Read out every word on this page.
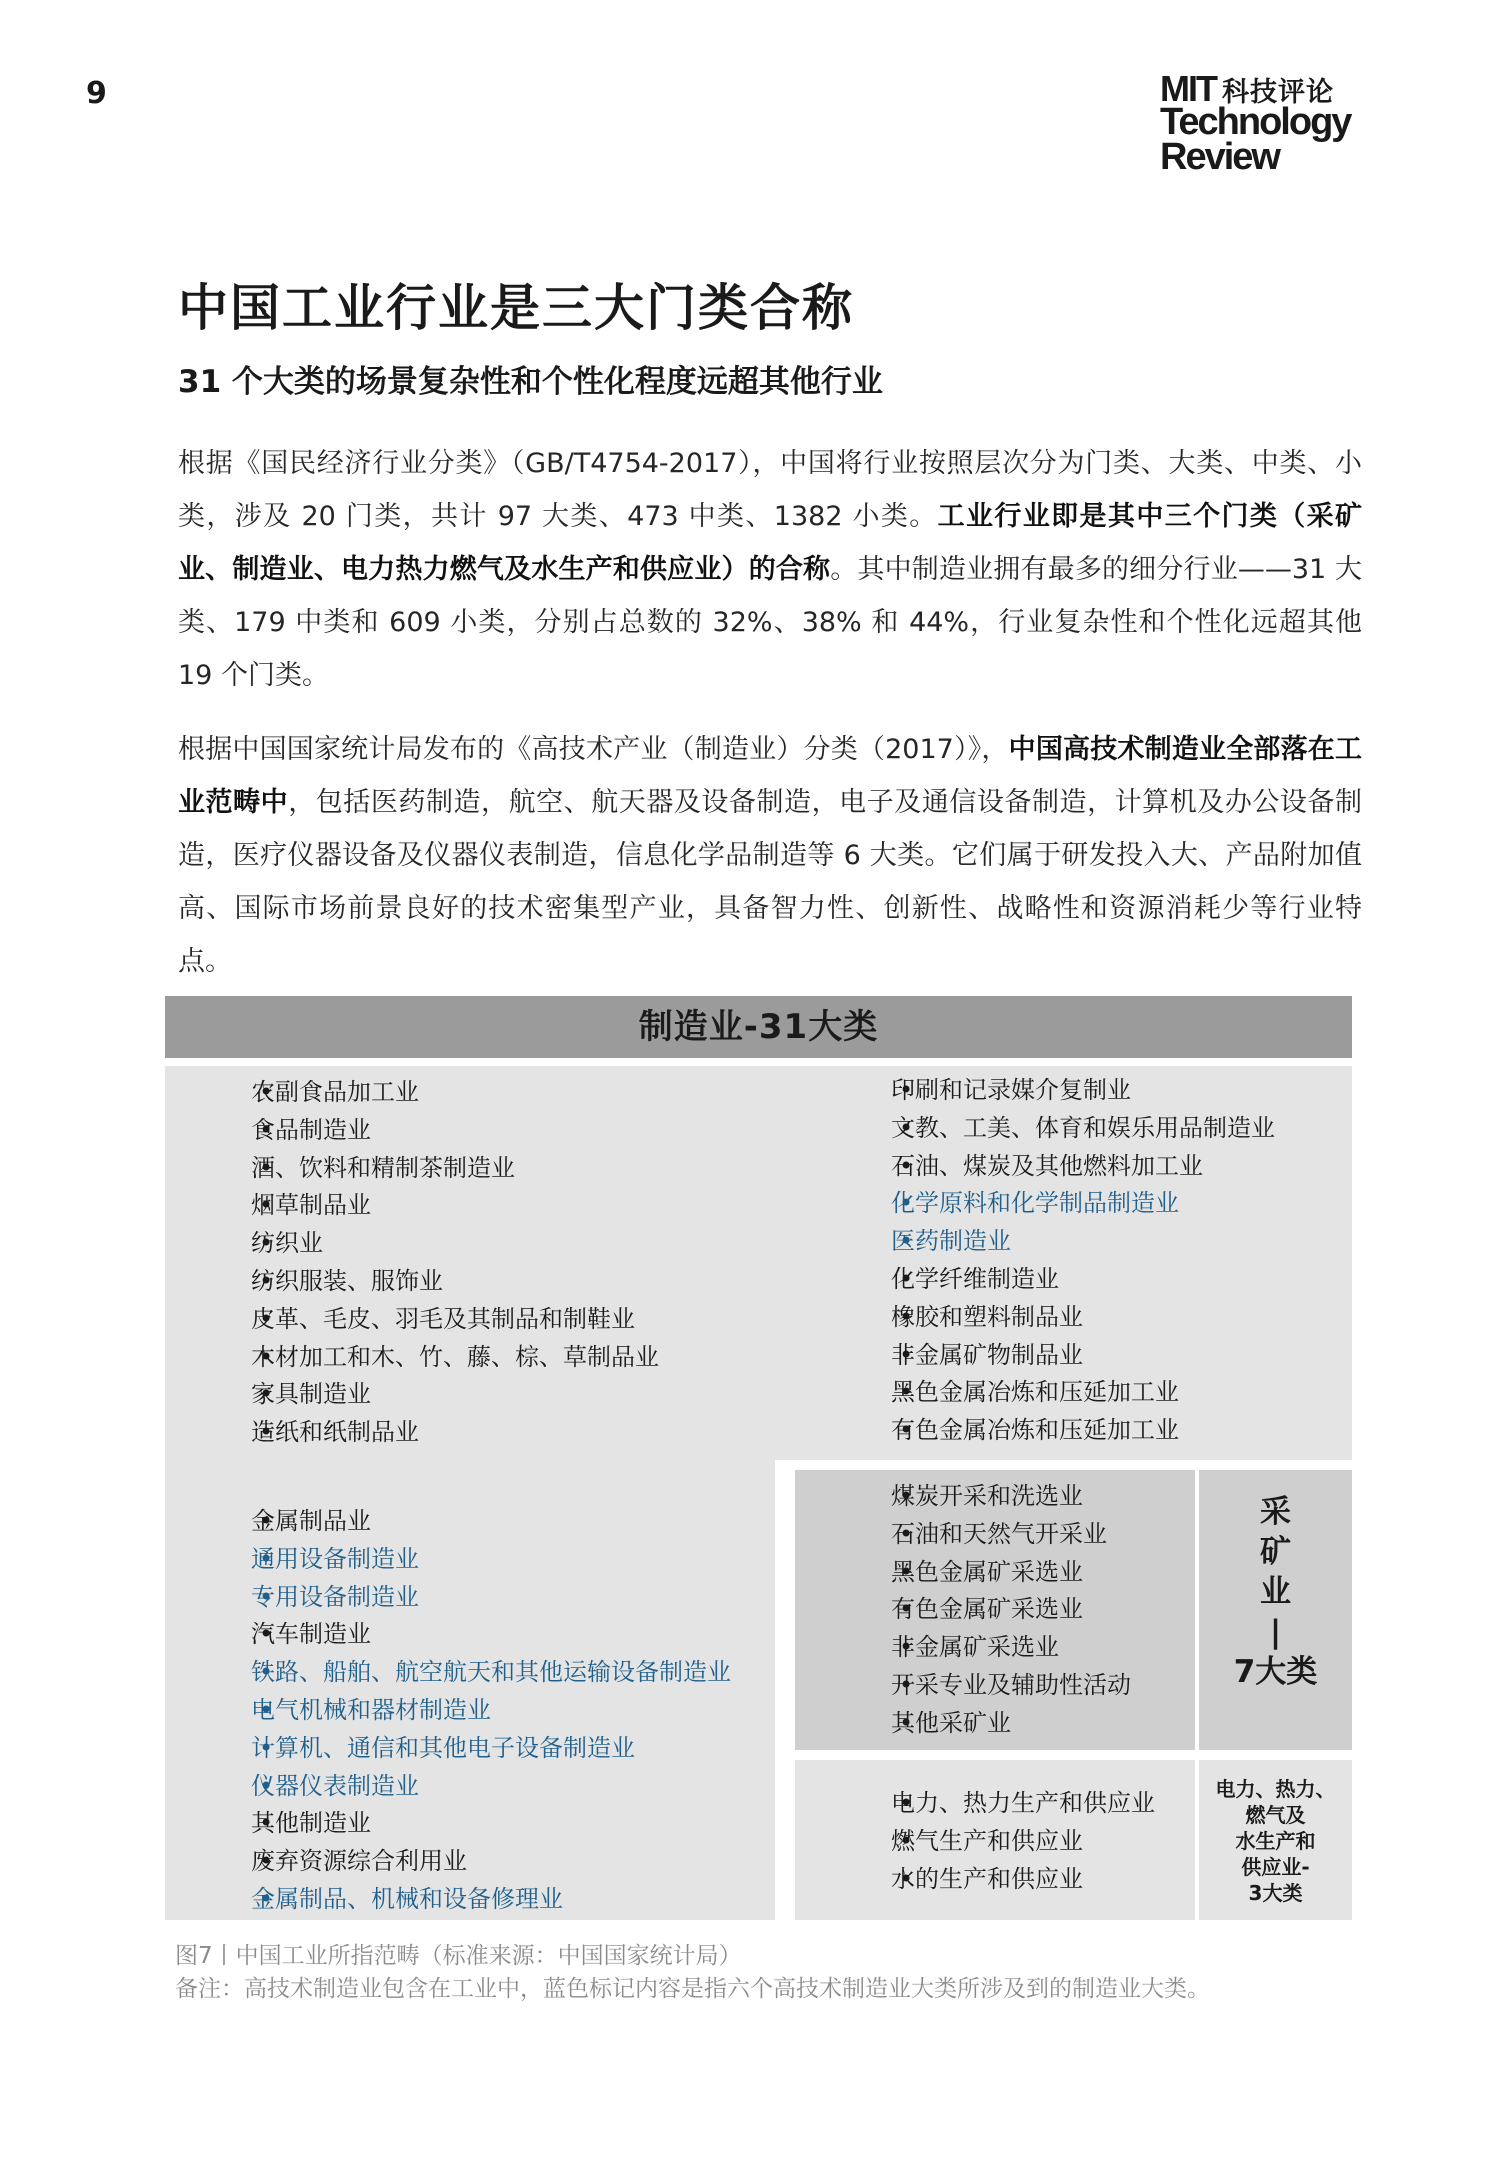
9	MIT 科技评论
Technology
Review
中国工业行业是三大门类合称
31 个大类的场景复杂性和个性化程度远超其他行业

根据《国民经济行业分类》（GB/T4754-2017），中国将行业按照层次分为门类、大类、中类、小类，涉及 20 门类，共计 97 大类、473 中类、1382 小类。工业行业即是其中三个门类（采矿业、制造业、电力热力燃气及水生产和供应业）的合称。其中制造业拥有最多的细分行业——31 大类、179 中类和 609 小类，分别占总数的 32%、38% 和 44%，行业复杂性和个性化远超其他 19 个门类。

根据中国国家统计局发布的《高技术产业（制造业）分类（2017）》，中国高技术制造业全部落在工业范畴中，包括医药制造，航空、航天器及设备制造，电子及通信设备制造，计算机及办公设备制造，医疗仪器设备及仪器仪表制造，信息化学品制造等 6 大类。它们属于研发投入大、产品附加值高、国际市场前景良好的技术密集型产业，具备智力性、创新性、战略性和资源消耗少等行业特点。

制造业-31大类
• 农副食品加工业
• 食品制造业
• 酒、饮料和精制茶制造业
• 烟草制品业
• 纺织业
• 纺织服装、服饰业
• 皮革、毛皮、羽毛及其制品和制鞋业
• 木材加工和木、竹、藤、棕、草制品业
• 家具制造业
• 造纸和纸制品业
• 印刷和记录媒介复制业
• 文教、工美、体育和娱乐用品制造业
• 石油、煤炭及其他燃料加工业
• 化学原料和化学制品制造业
• 医药制造业
• 化学纤维制造业
• 橡胶和塑料制品业
• 非金属矿物制品业
• 黑色金属冶炼和压延加工业
• 有色金属冶炼和压延加工业
• 金属制品业
• 通用设备制造业
• 专用设备制造业
• 汽车制造业
• 铁路、船舶、航空航天和其他运输设备制造业
• 电气机械和器材制造业
• 计算机、通信和其他电子设备制造业
• 仪器仪表制造业
• 其他制造业
• 废弃资源综合利用业
• 金属制品、机械和设备修理业
• 煤炭开采和洗选业
• 石油和天然气开采业
• 黑色金属矿采选业
• 有色金属矿采选业
• 非金属矿采选业
• 开采专业及辅助性活动
• 其他采矿业
• 电力、热力生产和供应业
• 燃气生产和供应业
• 水的生产和供应业
采
矿
业
|
7大类
电力、热力、
燃气及
水生产和
供应业-
3大类
图7丨中国工业所指范畴（标准来源：中国国家统计局）
备注：高技术制造业包含在工业中，蓝色标记内容是指六个高技术制造业大类所涉及到的制造业大类。
